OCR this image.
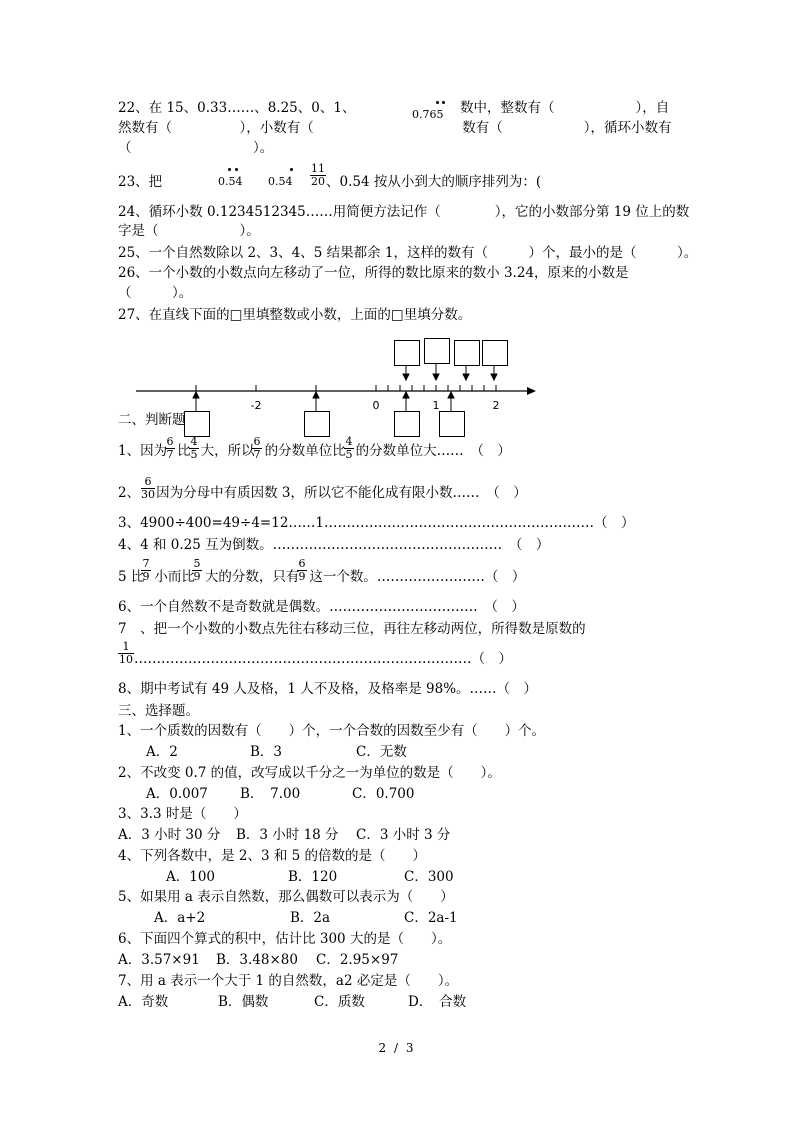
22、在 15、0.33……、8.25、0、1、	0.765 数中，整数有（　　　　　　），自
然数有（　　　　　），小数有（　　　　　　　　　　　数有（　　　　　　），循环小数有
（　　　　　　　　　）。
23、把	0.54 $0.54 \frac{11}{20}$ 、0.54 按从小到大的顺序排列为：(
24、循环小数 0.1234512345……用简便方法记作（　　　　），它的小数部分第 19 位上的数
字是（　　　　　　）。
25、一个自然数除以 2、3、4、5 结果都余 1，这样的数有（　　　）个，最小的是（　　　）。
26、一个小数的小数点向左移动了一位，所得的数比原来的数小 3.24，原来的小数是
（　　　）。
27、在直线下面的□里填整数或小数，上面的□里填分数。
-2	0	1	2
二、判断题
1、因为 比 大，所以 的分数单位比 的分数单位大……　（　）
$\frac{6}{7} \frac{4}{5}$	$\frac{6}{7}$	$\frac{4}{5}$
2、 因为分母中有质因数 3，所以它不能化成有限小数……　（　）
$\frac{6}{30}$
3、4900÷400=49÷4=12……1……………………………………………………（　）
4、4 和 0.25 互为倒数。……………………………………………　（　）
5 比 小而比 大的分数，只有 这一个数。……………………（　）
$\frac{7}{9}$	$\frac{5}{9}$	$\frac{6}{9}$
6、一个自然数不是奇数就是偶数。……………………………　（　）
7　、把一个小数的小数点先往右移动三位，再往左移动两位，所得数是原数的
$\frac{1}{10}$ …………………………………………………………………（　）
8、期中考试有 49 人及格，1 人不及格，及格率是 98%。……（　）
三、选择题。
1、一个质数的因数有（　　）个，一个合数的因数至少有（　　）个。
A．2	B．3	C．无数
2、不改变 0.7 的值，改写成以千分之一为单位的数是（　　）。
A．0.007 B．　7.00	C．0.700
3、3.3 时是（　　）
A．3 小时 30 分 B．3 小时 18 分 C．3 小时 3 分
4、下列各数中，是 2、3 和 5 的倍数的是（　　）
A．100	B．120	C．300
5、如果用 a 表示自然数，那么偶数可以表示为（　　）
A．a+2	B．2a	C．2a-1
6、下面四个算式的积中，估计比 300 大的是（　　）。
A．3.57×91 B．3.48×80 C．2.95×97
7、用 a 表示一个大于 1 的自然数，a2 必定是（　　）。
A．奇数	B．偶数	C．质数	D．　合数
2 / 3
